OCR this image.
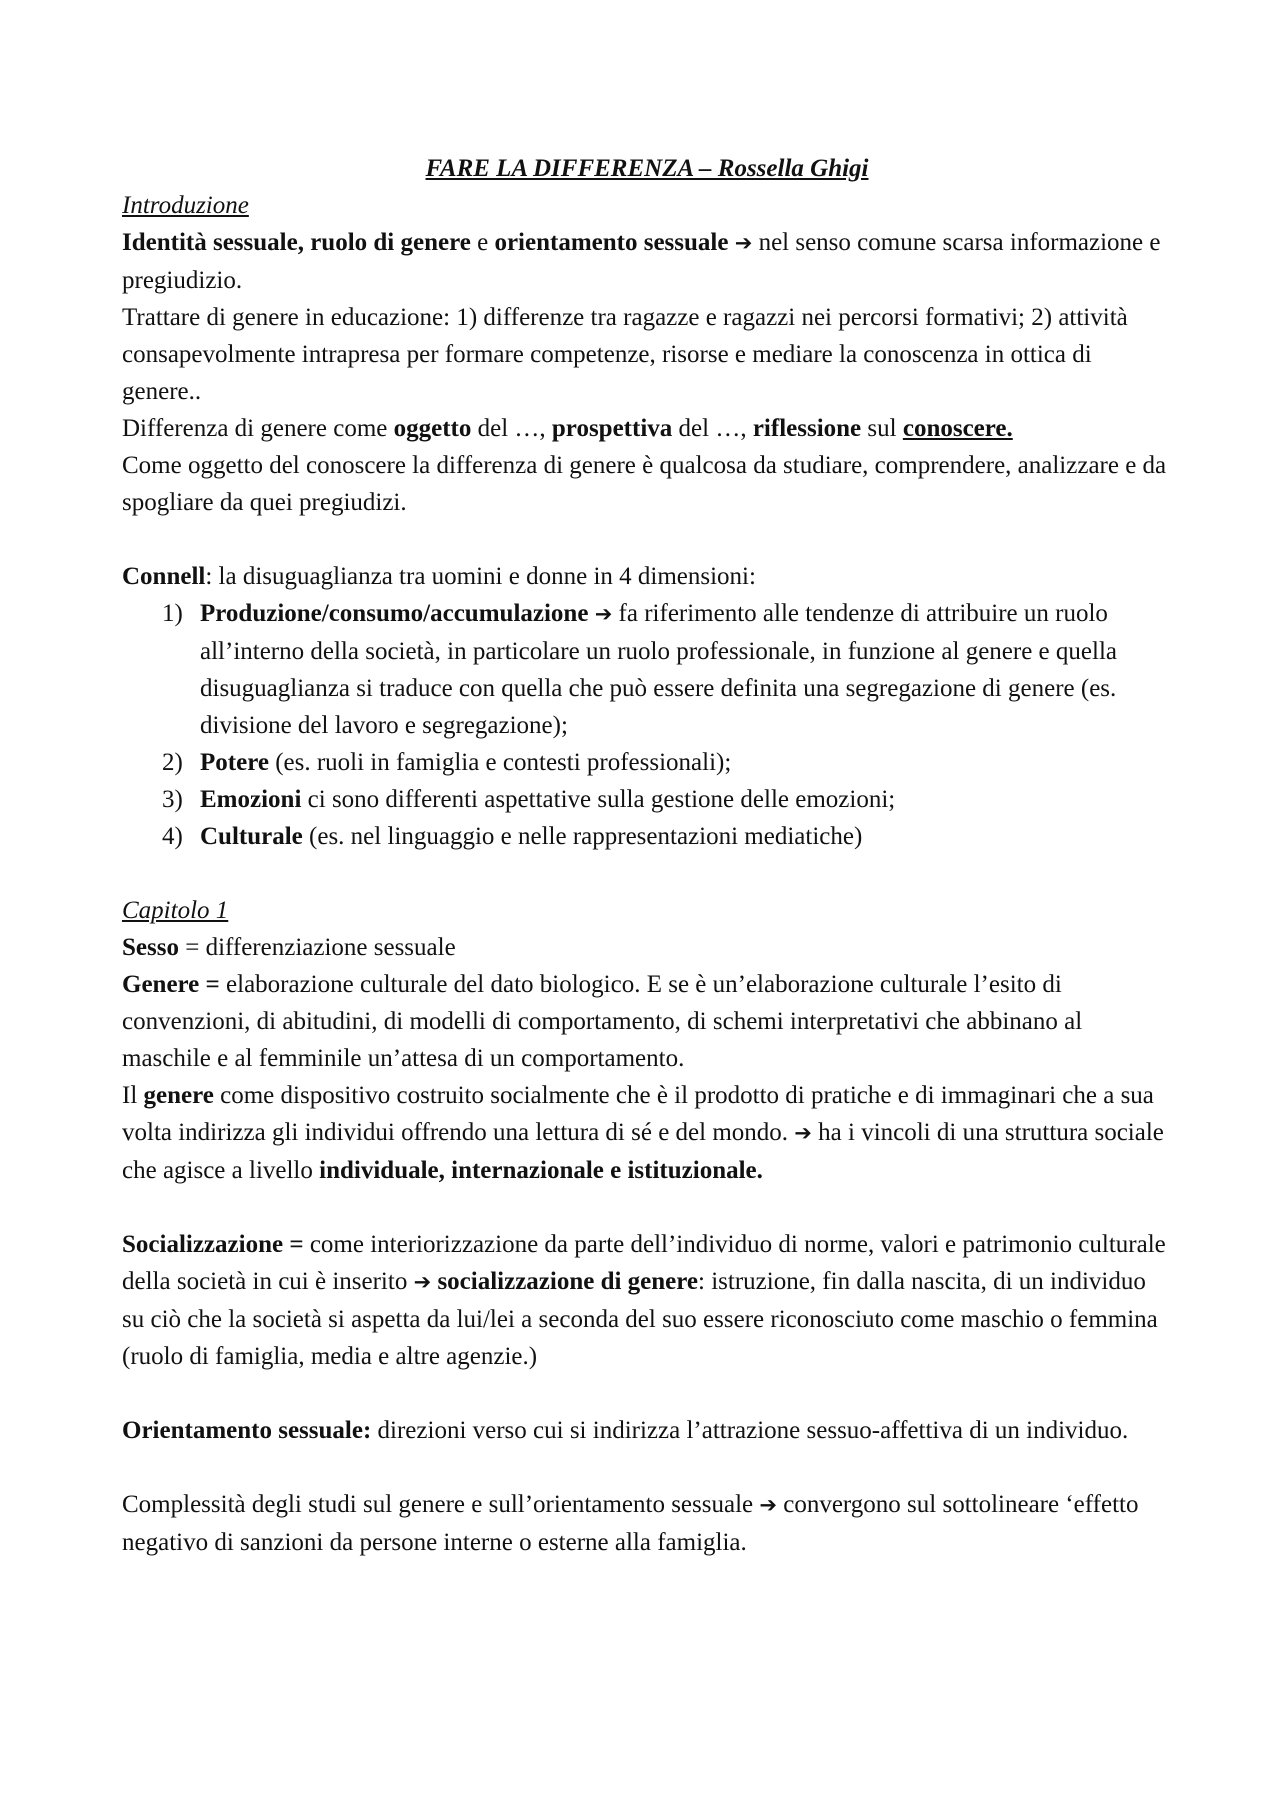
FARE LA DIFFERENZA – Rossella Ghigi

Introduzione

Identità sessuale, ruolo di genere e orientamento sessuale ➔ nel senso comune scarsa informazione e pregiudizio.

Trattare di genere in educazione: 1) differenze tra ragazze e ragazzi nei percorsi formativi; 2) attività consapevolmente intrapresa per formare competenze, risorse e mediare la conoscenza in ottica di genere..

Differenza di genere come oggetto del …, prospettiva del …, riflessione sul conoscere.

Come oggetto del conoscere la differenza di genere è qualcosa da studiare, comprendere, analizzare e da spogliare da quei pregiudizi.

Connell: la disuguaglianza tra uomini e donne in 4 dimensioni:

1) Produzione/consumo/accumulazione ➔ fa riferimento alle tendenze di attribuire un ruolo all’interno della società, in particolare un ruolo professionale, in funzione al genere e quella disuguaglianza si traduce con quella che può essere definita una segregazione di genere (es. divisione del lavoro e segregazione);
2) Potere (es. ruoli in famiglia e contesti professionali);
3) Emozioni ci sono differenti aspettative sulla gestione delle emozioni;
4) Culturale (es. nel linguaggio e nelle rappresentazioni mediatiche)

Capitolo 1

Sesso = differenziazione sessuale

Genere = elaborazione culturale del dato biologico. E se è un’elaborazione culturale l’esito di convenzioni, di abitudini, di modelli di comportamento, di schemi interpretativi che abbinano al maschile e al femminile un’attesa di un comportamento.

Il genere come dispositivo costruito socialmente che è il prodotto di pratiche e di immaginari che a sua volta indirizza gli individui offrendo una lettura di sé e del mondo. ➔ ha i vincoli di una struttura sociale che agisce a livello individuale, internazionale e istituzionale.

Socializzazione = come interiorizzazione da parte dell’individuo di norme, valori e patrimonio culturale della società in cui è inserito ➔ socializzazione di genere: istruzione, fin dalla nascita, di un individuo su ciò che la società si aspetta da lui/lei a seconda del suo essere riconosciuto come maschio o femmina (ruolo di famiglia, media e altre agenzie.)

Orientamento sessuale: direzioni verso cui si indirizza l’attrazione sessuo-affettiva di un individuo.

Complessità degli studi sul genere e sull’orientamento sessuale ➔ convergono sul sottolineare ‘effetto negativo di sanzioni da persone interne o esterne alla famiglia.
